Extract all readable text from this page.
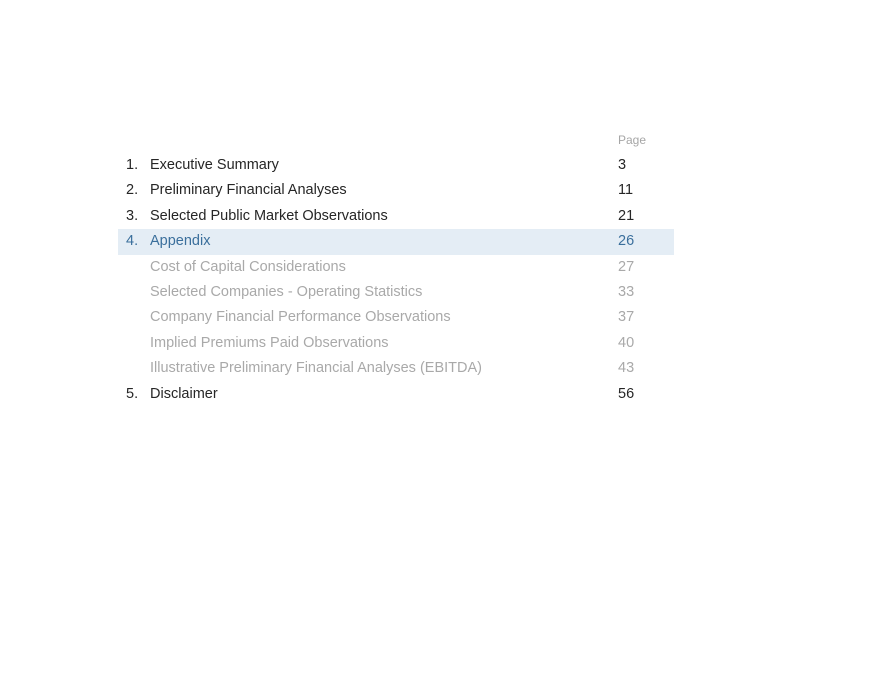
Page
1. Executive Summary	3
2. Preliminary Financial Analyses	11
3. Selected Public Market Observations	21
4. Appendix	26
Cost of Capital Considerations	27
Selected Companies - Operating Statistics	33
Company Financial Performance Observations	37
Implied Premiums Paid Observations	40
Illustrative Preliminary Financial Analyses (EBITDA)	43
5. Disclaimer	56
